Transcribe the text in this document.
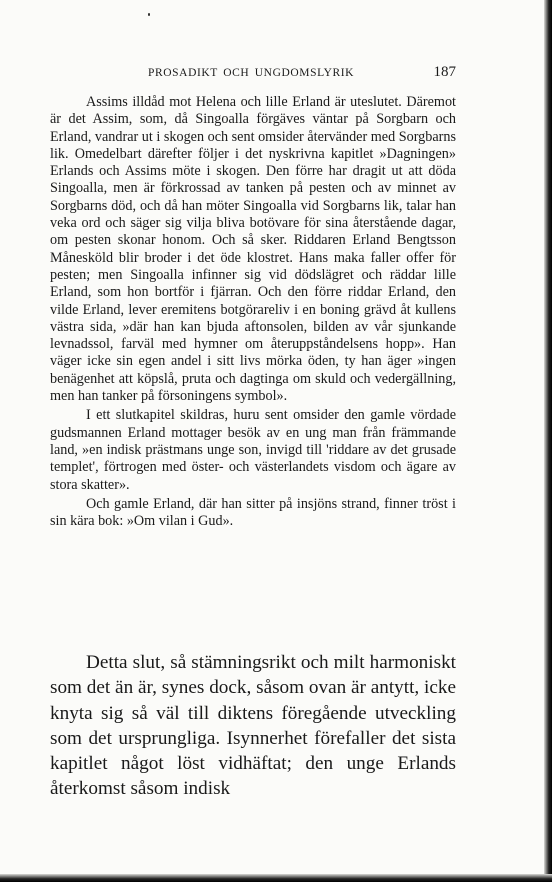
PROSADIKT OCH UNGDOMSLYRIK	187

Assims illdåd mot Helena och lille Erland är uteslutet. Däremot är det Assim, som, då Singoalla förgäves väntar på Sorgbarn och Erland, vandrar ut i skogen och sent omsider återvänder med Sorgbarns lik. Omedelbart därefter följer i det nyskrivna kapitlet »Dagningen» Erlands och Assims möte i skogen. Den förre har dragit ut att döda Singoalla, men är förkrossad av tanken på pesten och av minnet av Sorgbarns död, och då han möter Singoalla vid Sorgbarns lik, talar han veka ord och säger sig vilja bliva botövare för sina återstående dagar, om pesten skonar honom. Och så sker. Riddaren Erland Bengtsson Månesköld blir broder i det öde klostret. Hans maka faller offer för pesten; men Singoalla infinner sig vid dödslägret och räddar lille Erland, som hon bortför i fjärran. Och den förre riddar Erland, den vilde Erland, lever eremitens botgörareliv i en boning grävd åt kullens västra sida, »där han kan bjuda aftonsolen, bilden av vår sjunkande levnadssol, farväl med hymner om återuppståndelsens hopp». Han väger icke sin egen andel i sitt livs mörka öden, ty han äger »ingen benägenhet att köpslå, pruta och dagtinga om skuld och vedergällning, men han tanker på försoningens symbol».

I ett slutkapitel skildras, huru sent omsider den gamle vördade gudsmannen Erland mottager besök av en ung man från främmande land, »en indisk prästmans unge son, invigd till 'riddare av det grusade templet', förtrogen med öster- och västerlandets visdom och ägare av stora skatter».

Och gamle Erland, där han sitter på insjöns strand, finner tröst i sin kära bok: »Om vilan i Gud».

Detta slut, så stämningsrikt och milt harmoniskt som det än är, synes dock, såsom ovan är antytt, icke knyta sig så väl till diktens föregående utveckling som det ursprungliga. Isynnerhet förefaller det sista kapitlet något löst vidhäftat; den unge Erlands återkomst såsom indisk
